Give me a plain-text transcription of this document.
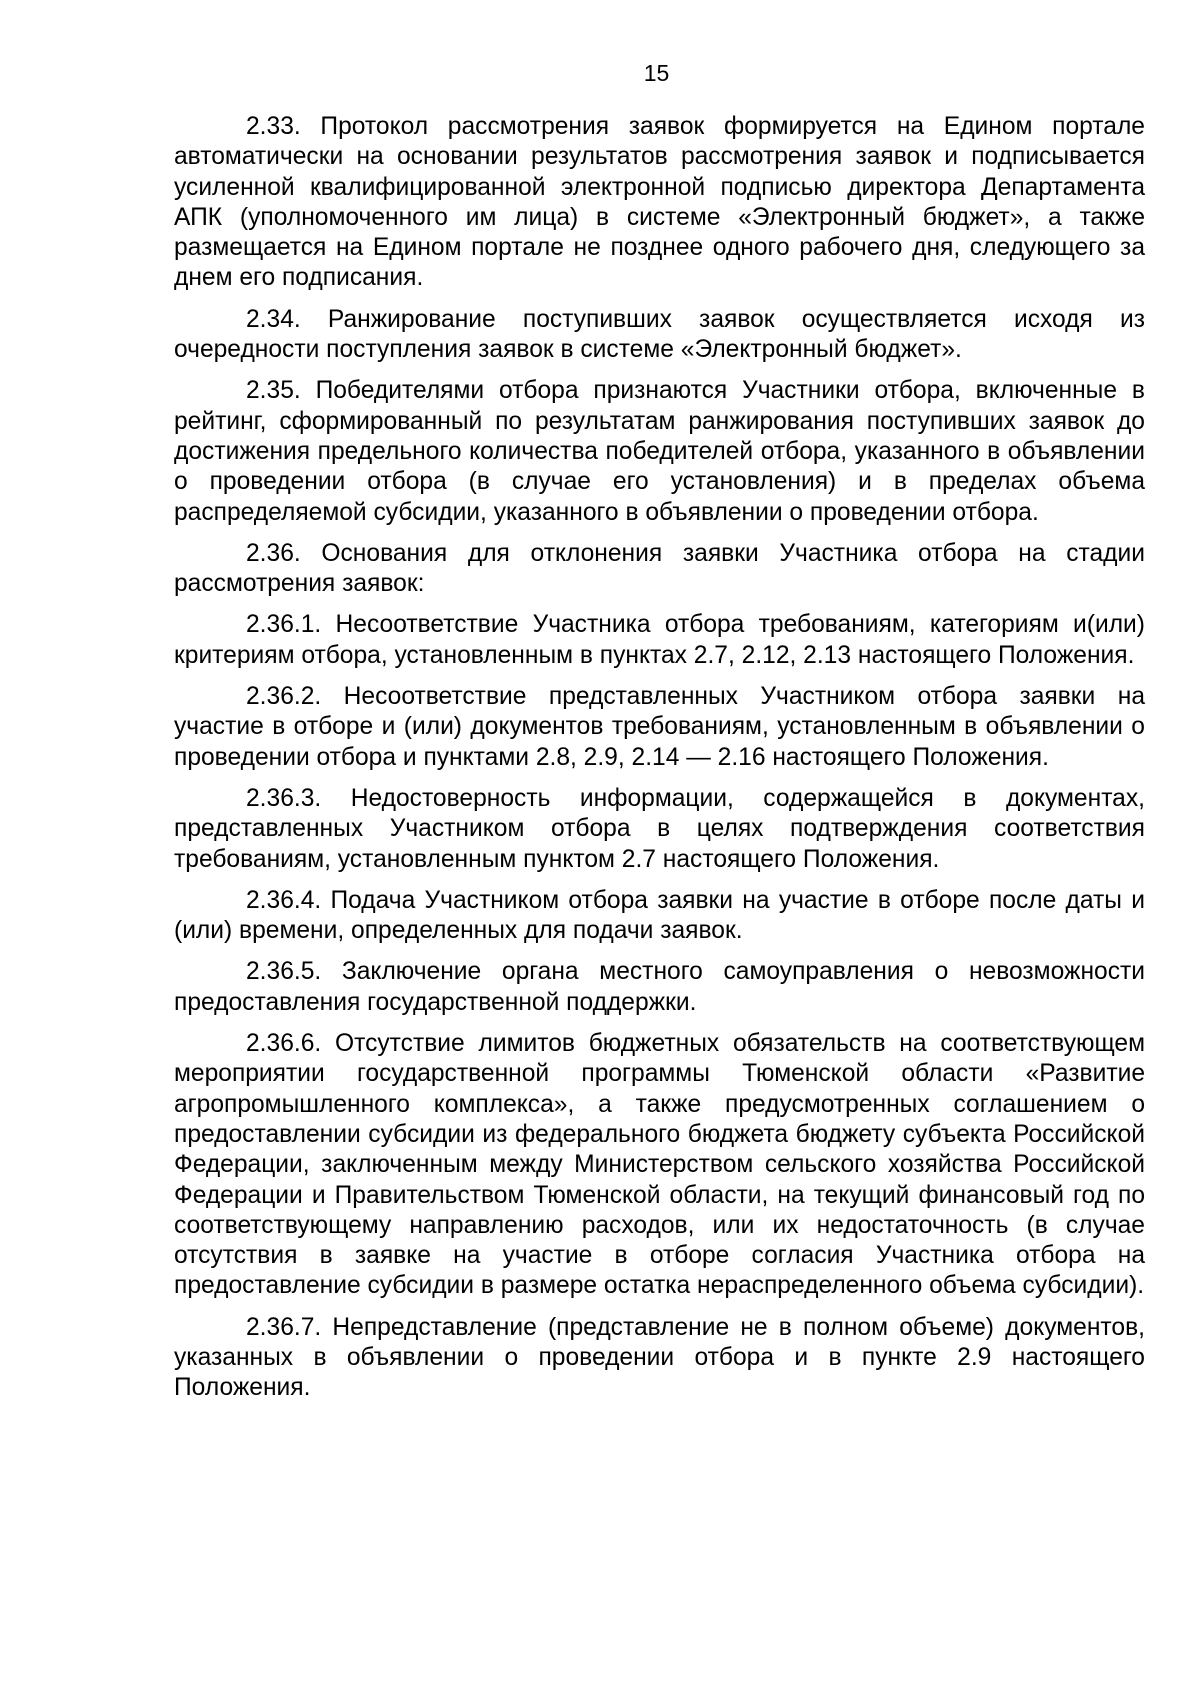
15

2.33. Протокол рассмотрения заявок формируется на Едином портале автоматически на основании результатов рассмотрения заявок и подписывается усиленной квалифицированной электронной подписью директора Департамента АПК (уполномоченного им лица) в системе «Электронный бюджет», а также размещается на Едином портале не позднее одного рабочего дня, следующего за днем его подписания.

2.34. Ранжирование поступивших заявок осуществляется исходя из очередности поступления заявок в системе «Электронный бюджет».

2.35. Победителями отбора признаются Участники отбора, включенные в рейтинг, сформированный по результатам ранжирования поступивших заявок до достижения предельного количества победителей отбора, указанного в объявлении о проведении отбора (в случае его установления) и в пределах объема распределяемой субсидии, указанного в объявлении о проведении отбора.

2.36. Основания для отклонения заявки Участника отбора на стадии рассмотрения заявок:

2.36.1. Несоответствие Участника отбора требованиям, категориям и(или) критериям отбора, установленным в пунктах 2.7, 2.12, 2.13 настоящего Положения.

2.36.2. Несоответствие представленных Участником отбора заявки на участие в отборе и (или) документов требованиям, установленным в объявлении о проведении отбора и пунктами 2.8, 2.9, 2.14 — 2.16 настоящего Положения.

2.36.3. Недостоверность информации, содержащейся в документах, представленных Участником отбора в целях подтверждения соответствия требованиям, установленным пунктом 2.7 настоящего Положения.

2.36.4. Подача Участником отбора заявки на участие в отборе после даты и (или) времени, определенных для подачи заявок.

2.36.5. Заключение органа местного самоуправления о невозможности предоставления государственной поддержки.

2.36.6. Отсутствие лимитов бюджетных обязательств на соответствующем мероприятии государственной программы Тюменской области «Развитие агропромышленного комплекса», а также предусмотренных соглашением о предоставлении субсидии из федерального бюджета бюджету субъекта Российской Федерации, заключенным между Министерством сельского хозяйства Российской Федерации и Правительством Тюменской области, на текущий финансовый год по соответствующему направлению расходов, или их недостаточность (в случае отсутствия в заявке на участие в отборе согласия Участника отбора на предоставление субсидии в размере остатка нераспределенного объема субсидии).

2.36.7. Непредставление (представление не в полном объеме) документов, указанных в объявлении о проведении отбора и в пункте 2.9 настоящего Положения.
